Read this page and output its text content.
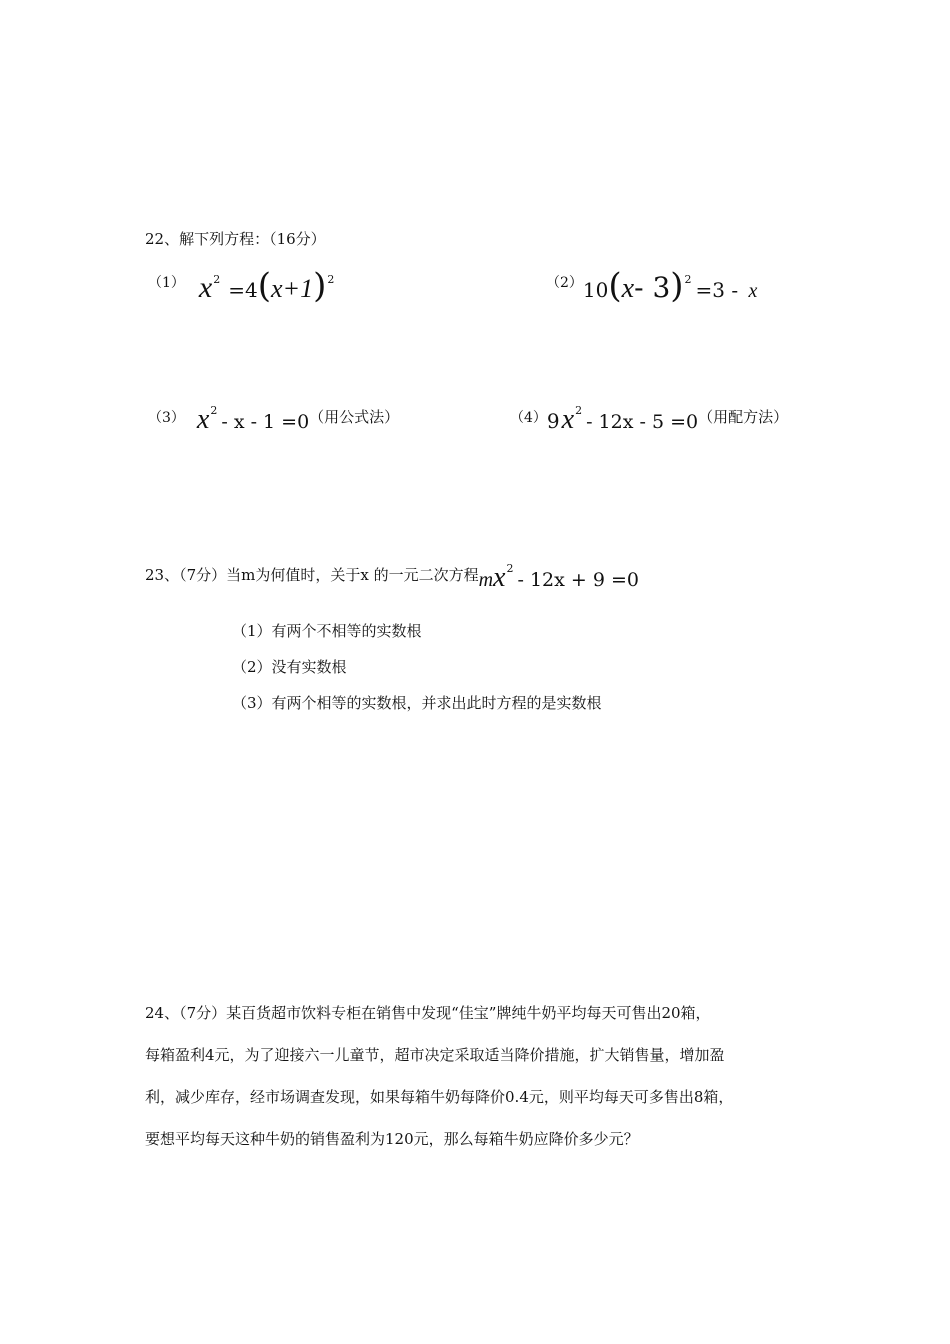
22、解下列方程：（16分）
（1） $x^2 =4(x+1)^2$	（2）10(x- 3)$^2$ =3 - x
（3） $x^2-$ x - 1 =0（用公式法）	$(4)9x^2-$ 12x - 5 =0（用配方法）
23、（7分）当m为何值时，关于x 的一元二次方程$mx^2-$ 12x + 9 =0
（1）有两个不相等的实数根
（2）没有实数根
（3）有两个相等的实数根，并求出此时方程的是实数根
24、（7分）某百货超市饮料专柜在销售中发现“佳宝”牌纯牛奶平均每天可售出20箱，
每箱盈利4元，为了迎接六一儿童节，超市决定采取适当降价措施，扩大销售量，增加盈
利，减少库存，经市场调查发现，如果每箱牛奶每降价0.4元，则平均每天可多售出8箱，
要想平均每天这种牛奶的销售盈利为120元，那么每箱牛奶应降价多少元？
